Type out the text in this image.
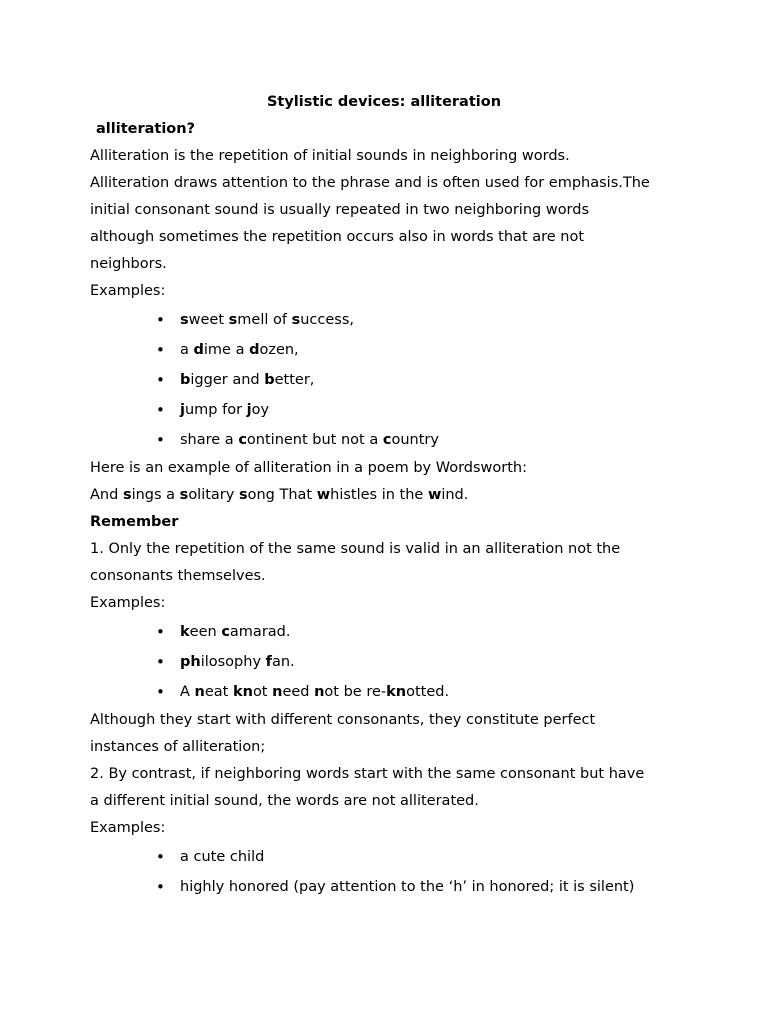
Stylistic devices: alliteration
alliteration?
Alliteration is the repetition of initial sounds in neighboring words.
Alliteration draws attention to the phrase and is often used for emphasis.The
initial consonant sound is usually repeated in two neighboring words
although sometimes the repetition occurs also in words that are not
neighbors.
Examples:
• sweet smell of success,
• a dime a dozen,
• bigger and better,
• jump for joy
• share a continent but not a country
Here is an example of alliteration in a poem by Wordsworth:
And sings a solitary song That whistles in the wind.
Remember
1. Only the repetition of the same sound is valid in an alliteration not the
consonants themselves.
Examples:
• keen camarad.
• philosophy fan.
• A neat knot need not be re-knotted.
Although they start with different consonants, they constitute perfect
instances of alliteration;
2. By contrast, if neighboring words start with the same consonant but have
a different initial sound, the words are not alliterated.
Examples:
• a cute child
• highly honored (pay attention to the ‘h’ in honored; it is silent)
